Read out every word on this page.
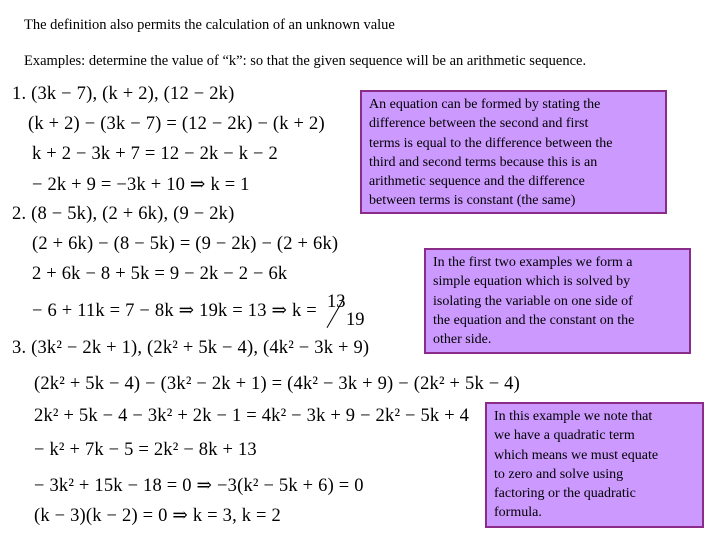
The definition also permits the calculation of an unknown value
Examples: determine the value of “k”: so that the given sequence will be an arithmetic sequence.
1. (3k − 7), (k + 2), (12 − 2k)
(k + 2) − (3k − 7) = (12 − 2k) − (k + 2)
k + 2 − 3k + 7 = 12 − 2k − k − 2
− 2k + 9 = −3k + 10 ⇒ k = 1
2. (8 − 5k), (2 + 6k), (9 − 2k)
(2 + 6k) − (8 − 5k) = (9 − 2k) − (2 + 6k)
2 + 6k − 8 + 5k = 9 − 2k − 2 − 6k
− 6 + 11k = 7 − 8k ⇒ 19k = 13 ⇒ k = 13
19
3. (3k² − 2k + 1), (2k² + 5k − 4), (4k² − 3k + 9)
(2k² + 5k − 4) − (3k² − 2k + 1) = (4k² − 3k + 9) − (2k² + 5k − 4)
2k² + 5k − 4 − 3k² + 2k − 1 = 4k² − 3k + 9 − 2k² − 5k + 4
− k² + 7k − 5 = 2k² − 8k + 13
− 3k² + 15k − 18 = 0 ⇒ −3(k² − 5k + 6) = 0
(k − 3)(k − 2) = 0 ⇒ k = 3, k = 2
An equation can be formed by stating the
difference between the second and first
terms is equal to the difference between the
third and second terms because this is an
arithmetic sequence and the difference
between terms is constant (the same)
In the first two examples we form a
simple equation which is solved by
isolating the variable on one side of
the equation and the constant on the
other side.
In this example we note that
we have a quadratic term
which means we must equate
to zero and solve using
factoring or the quadratic
formula.
